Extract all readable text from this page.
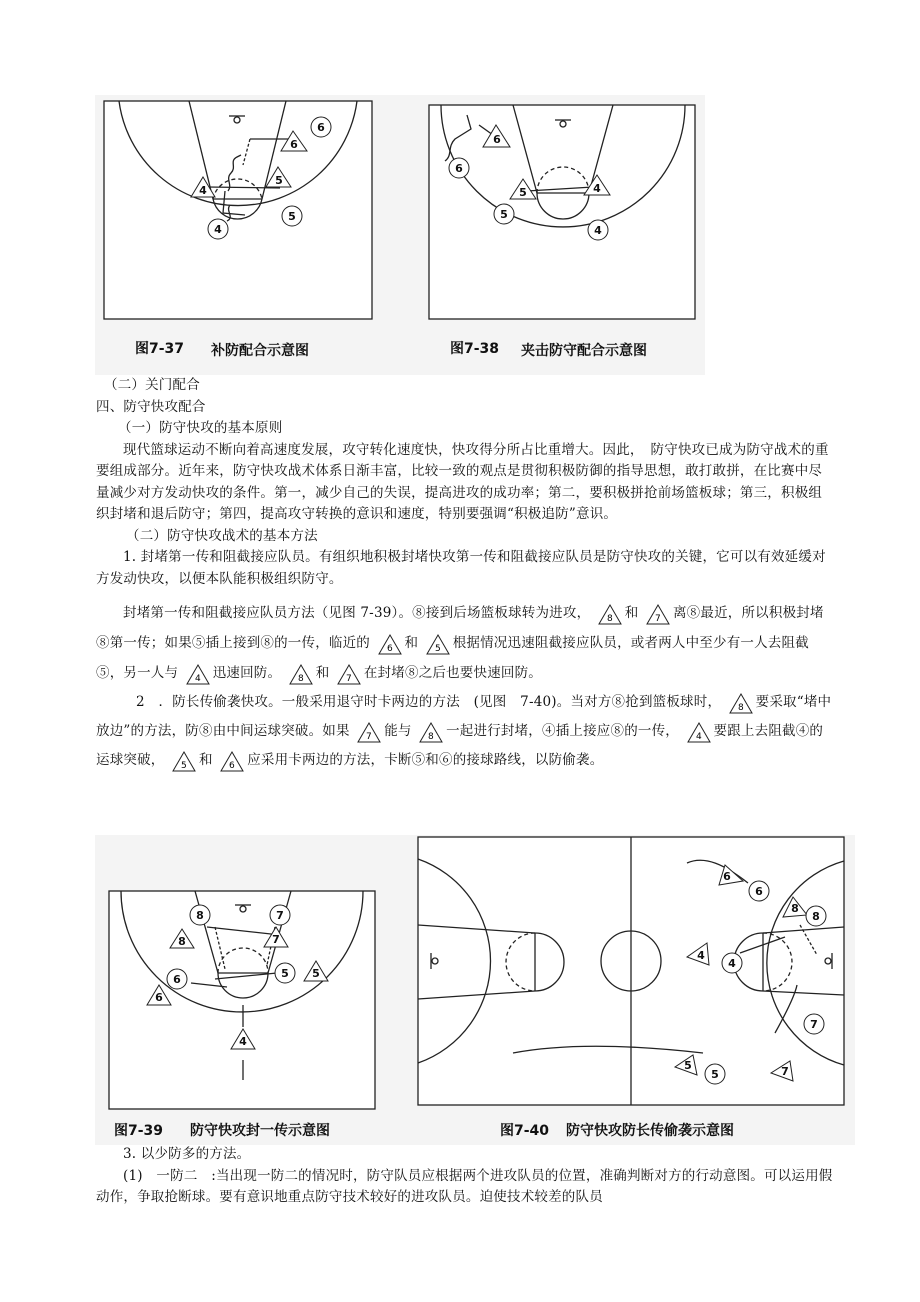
6
6
4
5
5
4
6
6
5	4
5
4
图7-37	图7-38
补防配合示意图	夹击防守配合示意图

（二）关门配合

四、防守快攻配合

（一）防守快攻的基本原则

现代篮球运动不断向着高速度发展，攻守转化速度快，快攻得分所占比重增大。因此，　防守快攻已成为防守战术的重要组成部分。近年来，防守快攻战术体系日渐丰富，比较一致的观点是贯彻积极防御的指导思想，敢打敢拼，在比赛中尽量减少对方发动快攻的条件。第一，减少自己的失误，提高进攻的成功率；第二，要积极拼抢前场篮板球；第三，积极组织封堵和退后防守；第四，提高攻守转换的意识和速度，特别要强调“积极追防”意识。

（二）防守快攻战术的基本方法

1. 封堵第一传和阻截接应队员。有组织地积极封堵快攻第一传和阻截接应队员是防守快攻的关键，它可以有效延缓对方发动快攻，以便本队能积极组织防守。

封堵第一传和阻截接应队员方法（见图 7-39）。⑧接到后场篮板球转为进攻， 8 和 7 离⑧最近，所以积极封堵⑧第一传；如果⑤插上接到⑧的一传，临近的 6 和 5 根据情况迅速阻截接应队员，或者两人中至少有一人去阻截⑤，另一人与 4 迅速回防。 8 和 7 在封堵⑧之后也要快速回防。

2　．防长传偷袭快攻。一般采用退守时卡两边的方法　(见图　7-40)。当对方⑧抢到篮板球时， 8 要采取“堵中放边”的方法，防⑧由中间运球突破。如果 7 能与 8 一起进行封堵，④插上接应⑧的一传， 4 要跟上去阻截④的运球突破， 5 和 6 应采用卡两边的方法，卡断⑤和⑥的接球路线，以防偷袭。

8	7
8	7
5 5
6
6
4
6
6
8
8
4
4
7
7
5
5
图7-39 防守快攻封一传示意图	图7-40 防守快攻防长传偷袭示意图

3. 以少防多的方法。

(1)　一防二　:当出现一防二的情况时，防守队员应根据两个进攻队员的位置，准确判断对方的行动意图。可以运用假动作，争取抢断球。要有意识地重点防守技术较好的进攻队员。迫使技术较差的队员
